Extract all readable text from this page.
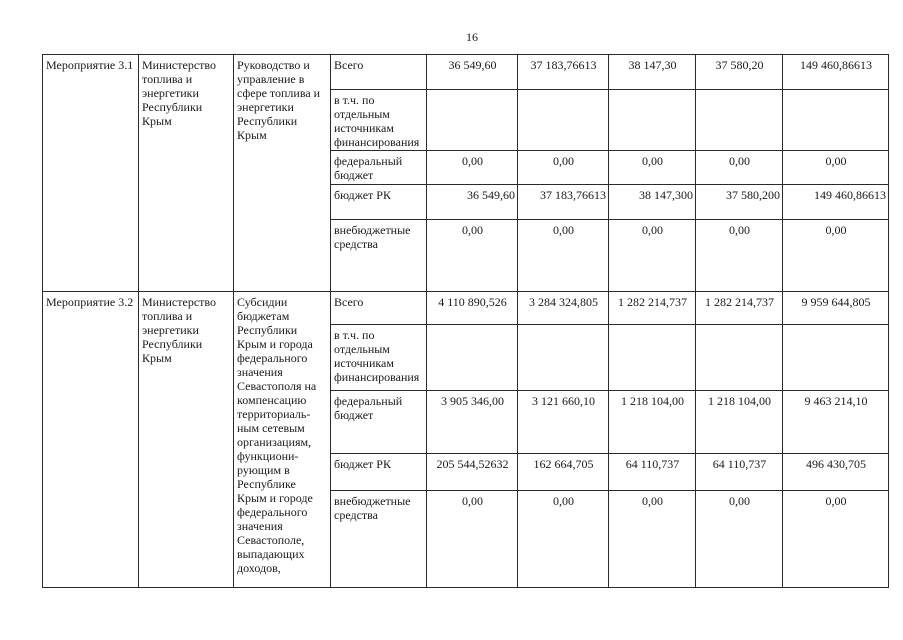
16
Мероприятие 3.1	Министерство топлива и энергетики Республики Крым	Руководство и управление в сфере топлива и энергетики Республики Крым	Всего	36 549,60	37 183,76613	38 147,30	37 580,20	149 460,86613
			в т.ч. по отдельным источникам финансирования					
			федеральный бюджет	0,00	0,00	0,00	0,00	0,00
			бюджет РК	36 549,60	37 183,76613	38 147,300	37 580,200	149 460,86613
			внебюджетные средства	0,00	0,00	0,00	0,00	0,00
Мероприятие 3.2	Министерство топлива и энергетики Республики Крым	Субсидии бюджетам Республики Крым и города федерального значения Севастополя на компенсацию территориаль-ным сетевым организациям, функциони-рующим в Республике Крым и городе федерального значения Севастополе, выпадающих доходов,	Всего	4 110 890,526	3 284 324,805	1 282 214,737	1 282 214,737	9 959 644,805
			в т.ч. по отдельным источникам финансирования					
			федеральный бюджет	3 905 346,00	3 121 660,10	1 218 104,00	1 218 104,00	9 463 214,10
			бюджет РК	205 544,52632	162 664,705	64 110,737	64 110,737	496 430,705
			внебюджетные средства	0,00	0,00	0,00	0,00	0,00
